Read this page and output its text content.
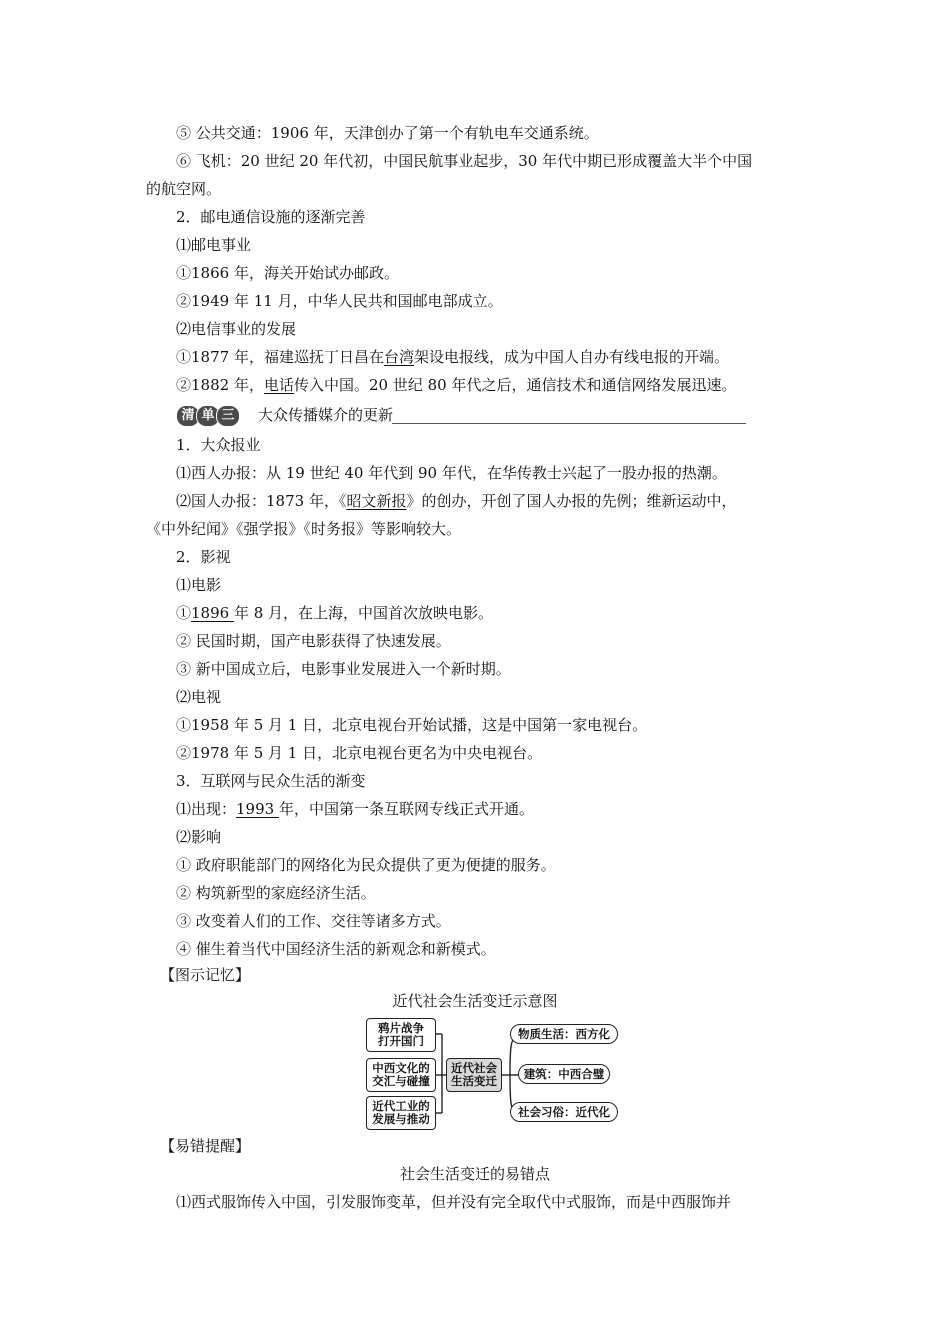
⑤ 公共交通：1906 年，天津创办了第一个有轨电车交通系统。
⑥ 飞机：20 世纪 20 年代初，中国民航事业起步，30 年代中期已形成覆盖大半个中国
的航空网。
2．邮电通信设施的逐渐完善
⑴邮电事业
①1866 年，海关开始试办邮政。
②1949 年 11 月，中华人民共和国邮电部成立。
⑵电信事业的发展
①1877 年，福建巡抚丁日昌在台湾架设电报线，成为中国人自办有线电报的开端。
②1882 年，电话传入中国。20 世纪 80 年代之后，通信技术和通信网络发展迅速。
清 单 三	大众传播媒介的更新
1．大众报业
⑴西人办报：从 19 世纪 40 年代到 90 年代，在华传教士兴起了一股办报的热潮。
⑵国人办报：1873 年，《昭文新报》的创办，开创了国人办报的先例；维新运动中，
《中外纪闻》《强学报》《时务报》等影响较大。
2．影视
⑴电影
①1896 年 8 月，在上海，中国首次放映电影。
② 民国时期，国产电影获得了快速发展。
③ 新中国成立后，电影事业发展进入一个新时期。
⑵电视
①1958 年 5 月 1 日，北京电视台开始试播，这是中国第一家电视台。
②1978 年 5 月 1 日，北京电视台更名为中央电视台。
3．互联网与民众生活的渐变
⑴出现：1993 年，中国第一条互联网专线正式开通。
⑵影响
① 政府职能部门的网络化为民众提供了更为便捷的服务。
② 构筑新型的家庭经济生活。
③ 改变着人们的工作、交往等诸多方式。
④ 催生着当代中国经济生活的新观念和新模式。
【图示记忆】
近代社会生活变迁示意图
鸦片战争
打开国门
中西文化的
交汇与碰撞
近代工业的
发展与推动
近代社会
生活变迁
物质生活：西方化
建筑：中西合璧
社会习俗：近代化
【易错提醒】
社会生活变迁的易错点
⑴西式服饰传入中国，引发服饰变革，但并没有完全取代中式服饰，而是中西服饰并
